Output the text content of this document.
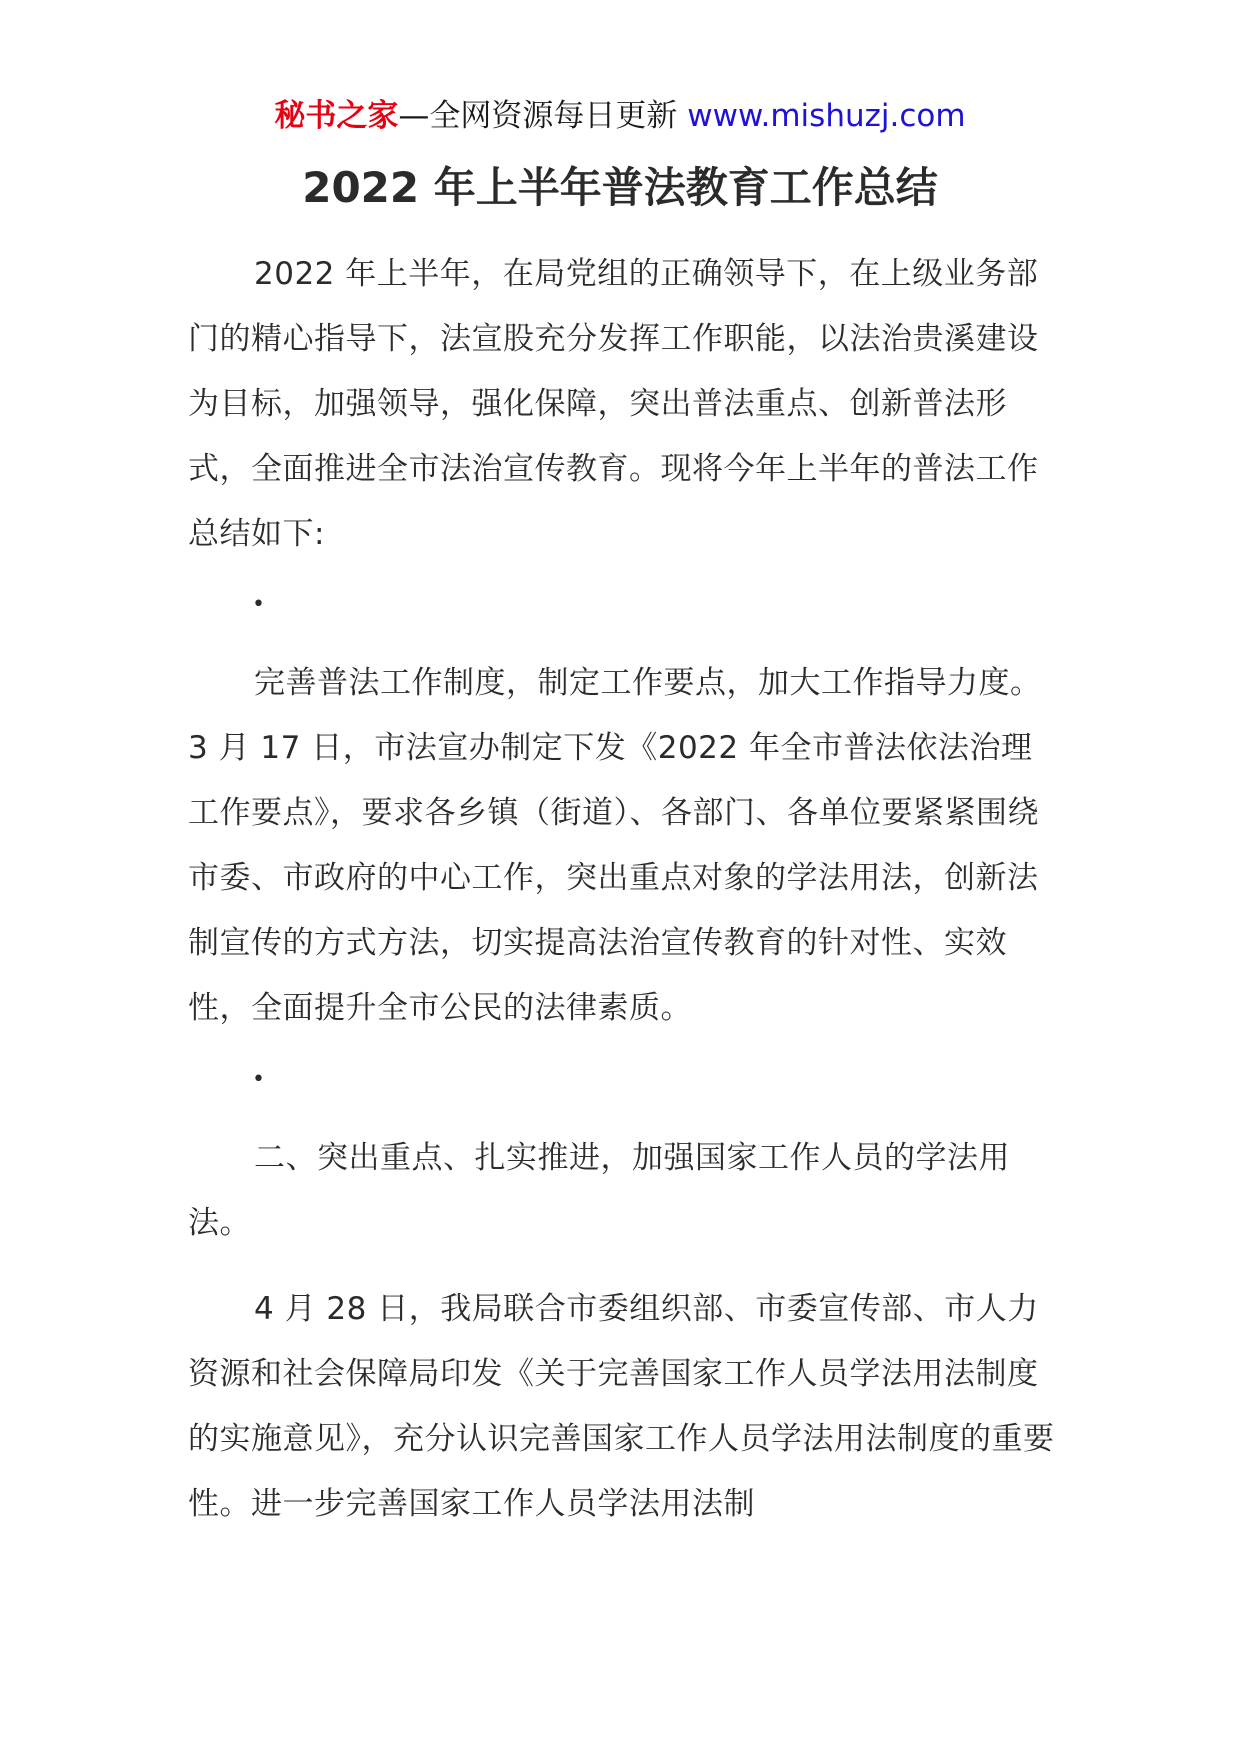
秘书之家—全网资源每日更新 www.mishuzj.com
2022 年上半年普法教育工作总结

2022 年上半年，在局党组的正确领导下，在上级业务部门的精心指导下，法宣股充分发挥工作职能，以法治贵溪建设为目标，加强领导，强化保障，突出普法重点、创新普法形式，全面推进全市法治宣传教育。现将今年上半年的普法工作总结如下:

•

完善普法工作制度，制定工作要点，加大工作指导力度。3 月 17 日，市法宣办制定下发《2022 年全市普法依法治理工作要点》，要求各乡镇（街道）、各部门、各单位要紧紧围绕市委、市政府的中心工作，突出重点对象的学法用法，创新法制宣传的方式方法，切实提高法治宣传教育的针对性、实效性，全面提升全市公民的法律素质。

•

二、突出重点、扎实推进，加强国家工作人员的学法用法。

4 月 28 日，我局联合市委组织部、市委宣传部、市人力资源和社会保障局印发《关于完善国家工作人员学法用法制度的实施意见》，充分认识完善国家工作人员学法用法制度的重要性。进一步完善国家工作人员学法用法制
